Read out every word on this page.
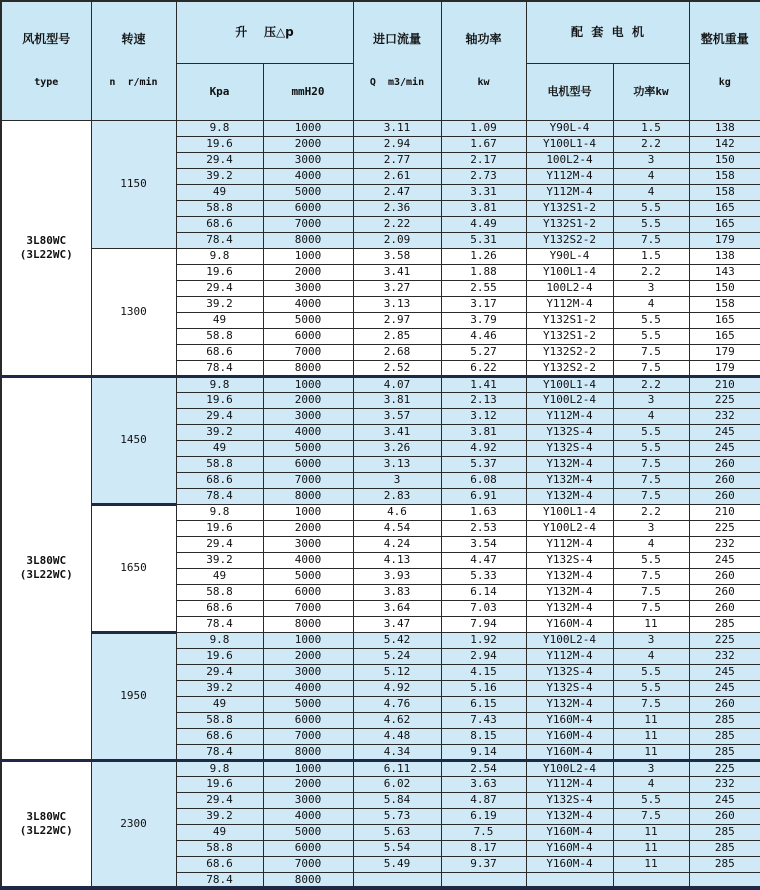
风机型号

type

转速

n  r/min

	升    压△p	

进口流量

Q  m3/min

轴功率

kw

	配  套  电  机	

整机重量

kg

		Kpa	mmH20			电机型号	功率kw	

3L80WC
(3L22WC)	1150	9.8	1000	3.11	1.09	Y90L-4	1.5	138
		19.6	2000	2.94	1.67	Y100L1-4	2.2	142
		29.4	3000	2.77	2.17	100L2-4	3	150
		39.2	4000	2.61	2.73	Y112M-4	4	158
		49	5000	2.47	3.31	Y112M-4	4	158
		58.8	6000	2.36	3.81	Y132S1-2	5.5	165
		68.6	7000	2.22	4.49	Y132S1-2	5.5	165
		78.4	8000	2.09	5.31	Y132S2-2	7.5	179
	1300	9.8	1000	3.58	1.26	Y90L-4	1.5	138
		19.6	2000	3.41	1.88	Y100L1-4	2.2	143
		29.4	3000	3.27	2.55	100L2-4	3	150
		39.2	4000	3.13	3.17	Y112M-4	4	158
		49	5000	2.97	3.79	Y132S1-2	5.5	165
		58.8	6000	2.85	4.46	Y132S1-2	5.5	165
		68.6	7000	2.68	5.27	Y132S2-2	7.5	179
		78.4	8000	2.52	6.22	Y132S2-2	7.5	179

3L80WC
(3L22WC)	1450	9.8	1000	4.07	1.41	Y100L1-4	2.2	210
		19.6	2000	3.81	2.13	Y100L2-4	3	225
		29.4	3000	3.57	3.12	Y112M-4	4	232
		39.2	4000	3.41	3.81	Y132S-4	5.5	245
		49	5000	3.26	4.92	Y132S-4	5.5	245
		58.8	6000	3.13	5.37	Y132M-4	7.5	260
		68.6	7000	3	6.08	Y132M-4	7.5	260
		78.4	8000	2.83	6.91	Y132M-4	7.5	260
	1650	9.8	1000	4.6	1.63	Y100L1-4	2.2	210
		19.6	2000	4.54	2.53	Y100L2-4	3	225
		29.4	3000	4.24	3.54	Y112M-4	4	232
		39.2	4000	4.13	4.47	Y132S-4	5.5	245
		49	5000	3.93	5.33	Y132M-4	7.5	260
		58.8	6000	3.83	6.14	Y132M-4	7.5	260
		68.6	7000	3.64	7.03	Y132M-4	7.5	260
		78.4	8000	3.47	7.94	Y160M-4	11	285
	1950	9.8	1000	5.42	1.92	Y100L2-4	3	225
		19.6	2000	5.24	2.94	Y112M-4	4	232
		29.4	3000	5.12	4.15	Y132S-4	5.5	245
		39.2	4000	4.92	5.16	Y132S-4	5.5	245
		49	5000	4.76	6.15	Y132M-4	7.5	260
		58.8	6000	4.62	7.43	Y160M-4	11	285
		68.6	7000	4.48	8.15	Y160M-4	11	285
		78.4	8000	4.34	9.14	Y160M-4	11	285

3L80WC
(3L22WC)	2300	9.8	1000	6.11	2.54	Y100L2-4	3	225
		19.6	2000	6.02	3.63	Y112M-4	4	232
		29.4	3000	5.84	4.87	Y132S-4	5.5	245
		39.2	4000	5.73	6.19	Y132M-4	7.5	260
		49	5000	5.63	7.5	Y160M-4	11	285
		58.8	6000	5.54	8.17	Y160M-4	11	285
		68.6	7000	5.49	9.37	Y160M-4	11	285
		78.4	8000					
